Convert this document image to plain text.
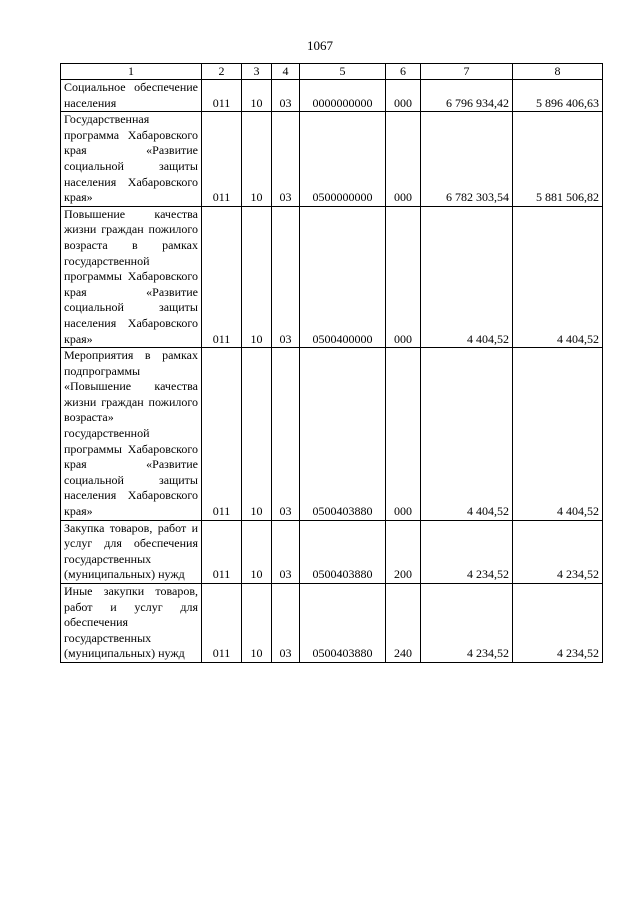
1067
1	2	3	4	5	6	7	8
Социальное обеспечение населения	011	10	03	0000000000	000	6 796 934,42	5 896 406,63
Государственная программа Хабаровского края «Развитие социальной защиты населения Хабаровского края»	011	10	03	0500000000	000	6 782 303,54	5 881 506,82
Повышение качества жизни граждан пожилого возраста в рамках государственной программы Хабаровского края «Развитие социальной защиты населения Хабаровского края»	011	10	03	0500400000	000	4 404,52	4 404,52
Мероприятия в рамках подпрограммы «Повышение качества жизни граждан пожилого возраста» государственной программы Хабаровского края «Развитие социальной защиты населения Хабаровского края»	011	10	03	0500403880	000	4 404,52	4 404,52
Закупка товаров, работ и услуг для обеспечения государственных (муниципальных) нужд	011	10	03	0500403880	200	4 234,52	4 234,52
Иные закупки товаров, работ и услуг для обеспечения государственных (муниципальных) нужд	011	10	03	0500403880	240	4 234,52	4 234,52
